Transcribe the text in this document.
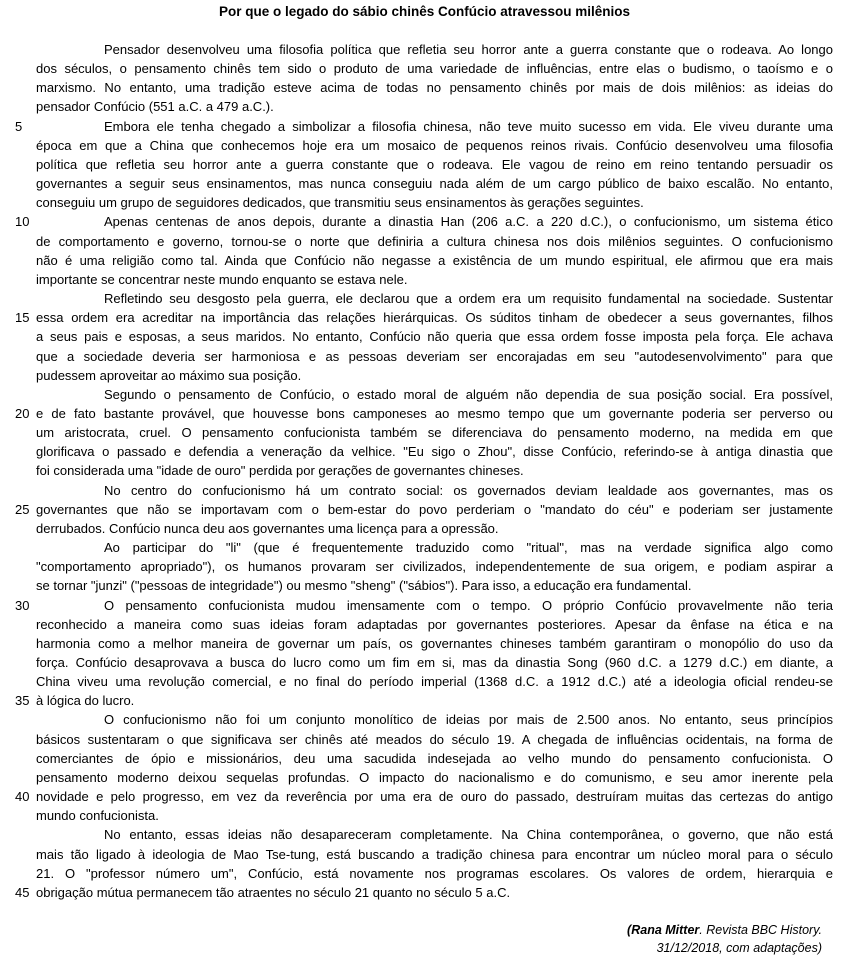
Por que o legado do sábio chinês Confúcio atravessou milênios
Pensador desenvolveu uma filosofia política que refletia seu horror ante a guerra constante que o rodeava. Ao longo
dos séculos, o pensamento chinês tem sido o produto de uma variedade de influências, entre elas o budismo, o taoísmo e o
marxismo. No entanto, uma tradição esteve acima de todas no pensamento chinês por mais de dois milênios: as ideias do
pensador Confúcio (551 a.C. a 479 a.C.).
5	Embora ele tenha chegado a simbolizar a filosofia chinesa, não teve muito sucesso em vida. Ele viveu durante uma
época em que a China que conhecemos hoje era um mosaico de pequenos reinos rivais. Confúcio desenvolveu uma filosofia
política que refletia seu horror ante a guerra constante que o rodeava. Ele vagou de reino em reino tentando persuadir os
governantes a seguir seus ensinamentos, mas nunca conseguiu nada além de um cargo público de baixo escalão. No entanto,
conseguiu um grupo de seguidores dedicados, que transmitiu seus ensinamentos às gerações seguintes.
10	Apenas centenas de anos depois, durante a dinastia Han (206 a.C. a 220 d.C.), o confucionismo, um sistema ético
de comportamento e governo, tornou-se o norte que definiria a cultura chinesa nos dois milênios seguintes. O confucionismo
não é uma religião como tal. Ainda que Confúcio não negasse a existência de um mundo espiritual, ele afirmou que era mais
importante se concentrar neste mundo enquanto se estava nele.
Refletindo seu desgosto pela guerra, ele declarou que a ordem era um requisito fundamental na sociedade. Sustentar
15 essa ordem era acreditar na importância das relações hierárquicas. Os súditos tinham de obedecer a seus governantes, filhos
a seus pais e esposas, a seus maridos. No entanto, Confúcio não queria que essa ordem fosse imposta pela força. Ele achava
que a sociedade deveria ser harmoniosa e as pessoas deveriam ser encorajadas em seu "autodesenvolvimento" para que
pudessem aproveitar ao máximo sua posição.
Segundo o pensamento de Confúcio, o estado moral de alguém não dependia de sua posição social. Era possível,
20 e de fato bastante provável, que houvesse bons camponeses ao mesmo tempo que um governante poderia ser perverso ou
um aristocrata, cruel. O pensamento confucionista também se diferenciava do pensamento moderno, na medida em que
glorificava o passado e defendia a veneração da velhice. "Eu sigo o Zhou", disse Confúcio, referindo-se à antiga dinastia que
foi considerada uma "idade de ouro" perdida por gerações de governantes chineses.
No centro do confucionismo há um contrato social: os governados deviam lealdade aos governantes, mas os
25 governantes que não se importavam com o bem-estar do povo perderiam o "mandato do céu" e poderiam ser justamente
derrubados. Confúcio nunca deu aos governantes uma licença para a opressão.
Ao participar do "li" (que é frequentemente traduzido como "ritual", mas na verdade significa algo como
"comportamento apropriado"), os humanos provaram ser civilizados, independentemente de sua origem, e podiam aspirar a
se tornar "junzi" ("pessoas de integridade") ou mesmo "sheng" ("sábios"). Para isso, a educação era fundamental.
30	O pensamento confucionista mudou imensamente com o tempo. O próprio Confúcio provavelmente não teria
reconhecido a maneira como suas ideias foram adaptadas por governantes posteriores. Apesar da ênfase na ética e na
harmonia como a melhor maneira de governar um país, os governantes chineses também garantiram o monopólio do uso da
força. Confúcio desaprovava a busca do lucro como um fim em si, mas da dinastia Song (960 d.C. a 1279 d.C.) em diante, a
China viveu uma revolução comercial, e no final do período imperial (1368 d.C. a 1912 d.C.) até a ideologia oficial rendeu-se
35 à lógica do lucro.
O confucionismo não foi um conjunto monolítico de ideias por mais de 2.500 anos. No entanto, seus princípios
básicos sustentaram o que significava ser chinês até meados do século 19. A chegada de influências ocidentais, na forma de
comerciantes de ópio e missionários, deu uma sacudida indesejada ao velho mundo do pensamento confucionista. O
pensamento moderno deixou sequelas profundas. O impacto do nacionalismo e do comunismo, e seu amor inerente pela
40 novidade e pelo progresso, em vez da reverência por uma era de ouro do passado, destruíram muitas das certezas do antigo
mundo confucionista.
No entanto, essas ideias não desapareceram completamente. Na China contemporânea, o governo, que não está
mais tão ligado à ideologia de Mao Tse-tung, está buscando a tradição chinesa para encontrar um núcleo moral para o século
21. O "professor número um", Confúcio, está novamente nos programas escolares. Os valores de ordem, hierarquia e
45 obrigação mútua permanecem tão atraentes no século 21 quanto no século 5 a.C.
(Rana Mitter. Revista BBC History.
31/12/2018, com adaptações)
